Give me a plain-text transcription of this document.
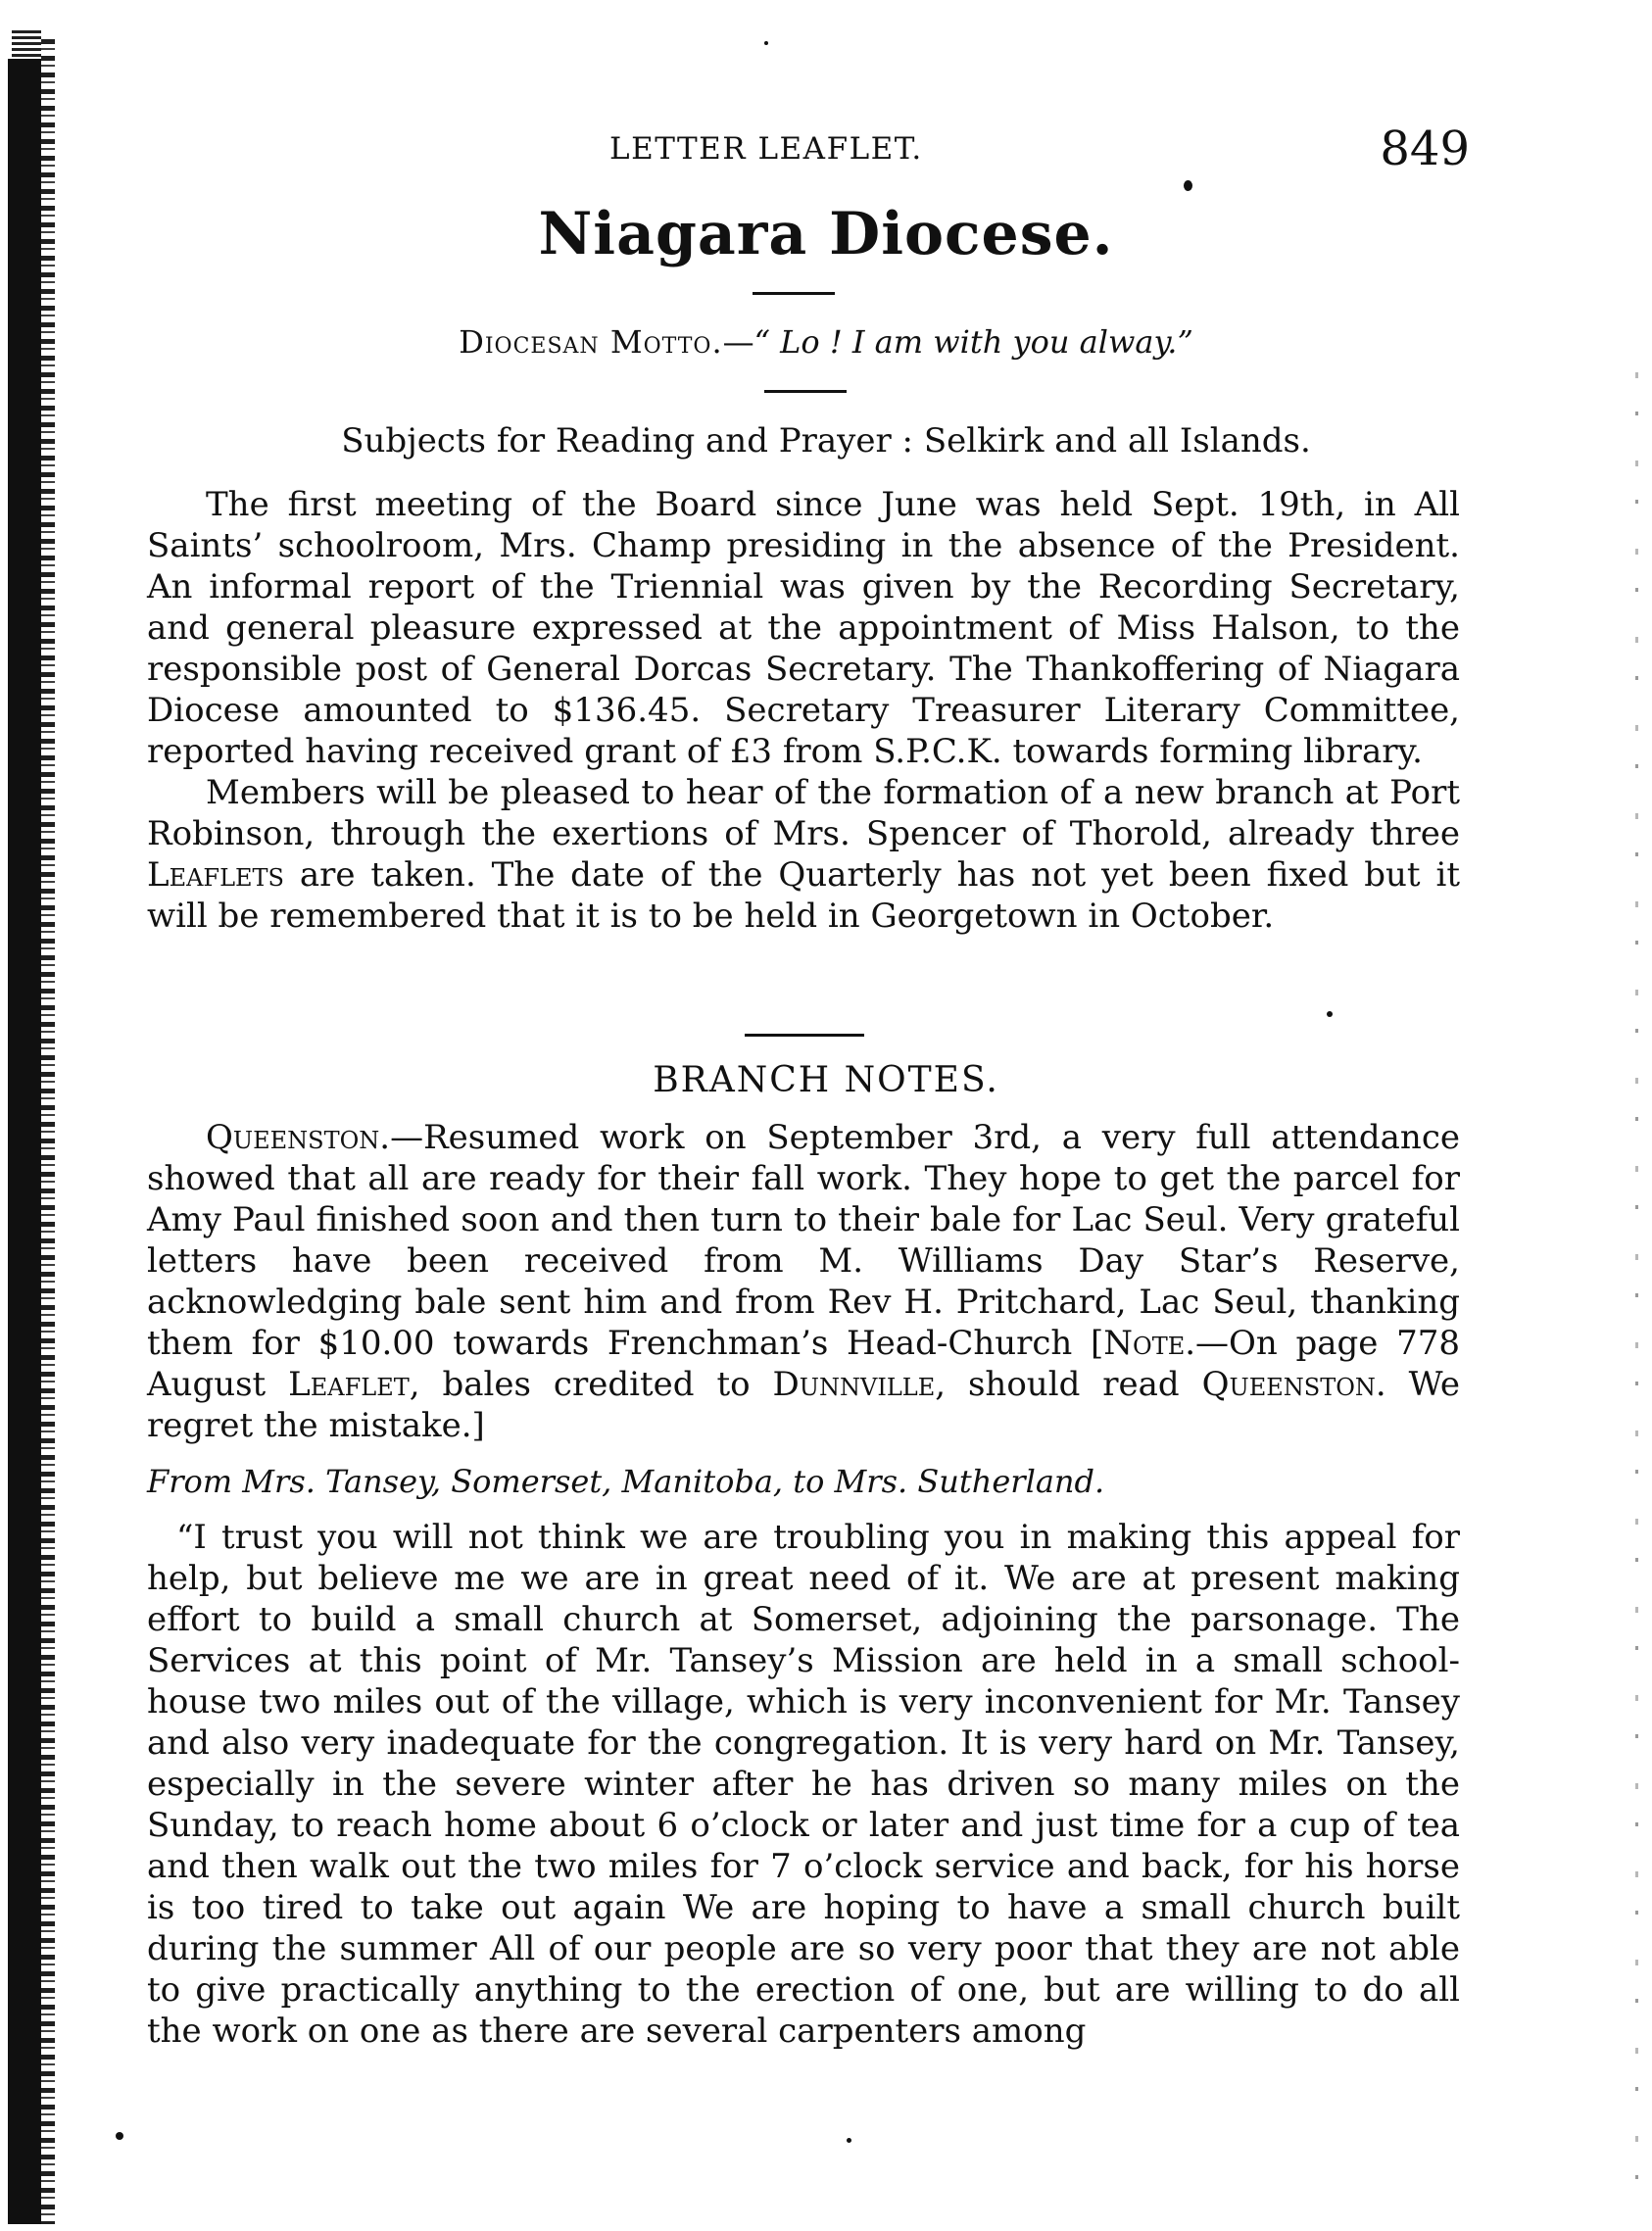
LETTER LEAFLET.	849
Niagara Diocese.
Diocesan Motto.—“ Lo ! I am with you alway.”
Subjects for Reading and Prayer : Selkirk and all Islands.

The first meeting of the Board since June was held Sept. 19th, in All Saints’ schoolroom, Mrs. Champ presiding in the absence of the President. An informal report of the Triennial was given by the Recording Secretary, and general pleasure expressed at the appointment of Miss Halson, to the responsible post of General Dorcas Secretary. The Thankoffering of Niagara Diocese amounted to $136.45. Secretary Treasurer Literary Committee, reported having received grant of £3 from S.P.C.K. towards forming library.

Members will be pleased to hear of the formation of a new branch at Port Robinson, through the exertions of Mrs. Spencer of Thorold, already three Leaflets are taken. The date of the Quarterly has not yet been fixed but it will be remembered that it is to be held in Georgetown in October.

BRANCH NOTES.

Queenston.—Resumed work on September 3rd, a very full attendance showed that all are ready for their fall work. They hope to get the parcel for Amy Paul finished soon and then turn to their bale for Lac Seul. Very grateful letters have been received from M. Williams Day Star’s Reserve, acknowledging bale sent him and from Rev H. Pritchard, Lac Seul, thanking them for $10.00 towards Frenchman’s Head-Church [Note.—On page 778 August Leaflet, bales credited to Dunnville, should read Queenston. We regret the mistake.]

From Mrs. Tansey, Somerset, Manitoba, to Mrs. Sutherland.

“I trust you will not think we are troubling you in making this appeal for help, but believe me we are in great need of it. We are at present making effort to build a small church at Somerset, adjoining the parsonage. The Services at this point of Mr. Tansey’s Mission are held in a small school-house two miles out of the village, which is very inconvenient for Mr. Tansey and also very inadequate for the congregation. It is very hard on Mr. Tansey, especially in the severe winter after he has driven so many miles on the Sunday, to reach home about 6 o’clock or later and just time for a cup of tea and then walk out the two miles for 7 o’clock service and back, for his horse is too tired to take out again We are hoping to have a small church built during the summer All of our people are so very poor that they are not able to give practically anything to the erection of one, but are willing to do all the work on one as there are several carpenters among
